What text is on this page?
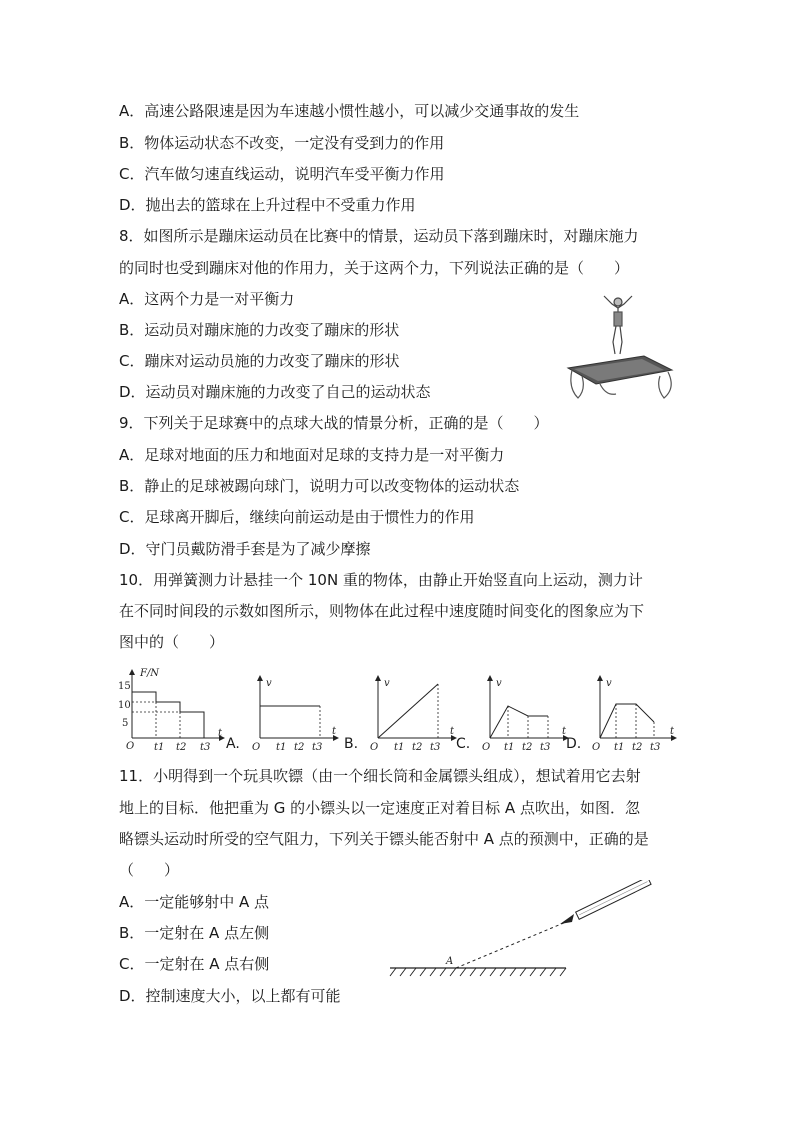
A．高速公路限速是因为车速越小惯性越小，可以减少交通事故的发生
B．物体运动状态不改变，一定没有受到力的作用
C．汽车做匀速直线运动，说明汽车受平衡力作用
D．抛出去的篮球在上升过程中不受重力作用
8．如图所示是蹦床运动员在比赛中的情景，运动员下落到蹦床时，对蹦床施力
的同时也受到蹦床对他的作用力，关于这两个力，下列说法正确的是（　　）
A．这两个力是一对平衡力
B．运动员对蹦床施的力改变了蹦床的形状
C．蹦床对运动员施的力改变了蹦床的形状
D．运动员对蹦床施的力改变了自己的运动状态
9．下列关于足球赛中的点球大战的情景分析，正确的是（　　）
A．足球对地面的压力和地面对足球的支持力是一对平衡力
B．静止的足球被踢向球门，说明力可以改变物体的运动状态
C．足球离开脚后，继续向前运动是由于惯性力的作用
D．守门员戴防滑手套是为了减少摩擦
10．用弹簧测力计悬挂一个 10N 重的物体，由静止开始竖直向上运动，测力计
在不同时间段的示数如图所示，则物体在此过程中速度随时间变化的图象应为下
图中的（　　）
F/N
15
10
5
O
t
t1 t2 t3 A.
v
O
t
t1 t2 t3 B.
v
O
t
t1 t2 t3 C.
v
O
t
t1 t2 t3 D.
v
O
t
t1 t2 t3
11．小明得到一个玩具吹镖（由一个细长筒和金属镖头组成），想试着用它去射
地上的目标．他把重为 G 的小镖头以一定速度正对着目标 A 点吹出，如图．忽
略镖头运动时所受的空气阻力，下列关于镖头能否射中 A 点的预测中，正确的是
（　　）
A．一定能够射中 A 点
B．一定射在 A 点左侧
C．一定射在 A 点右侧
D．控制速度大小，以上都有可能
A
